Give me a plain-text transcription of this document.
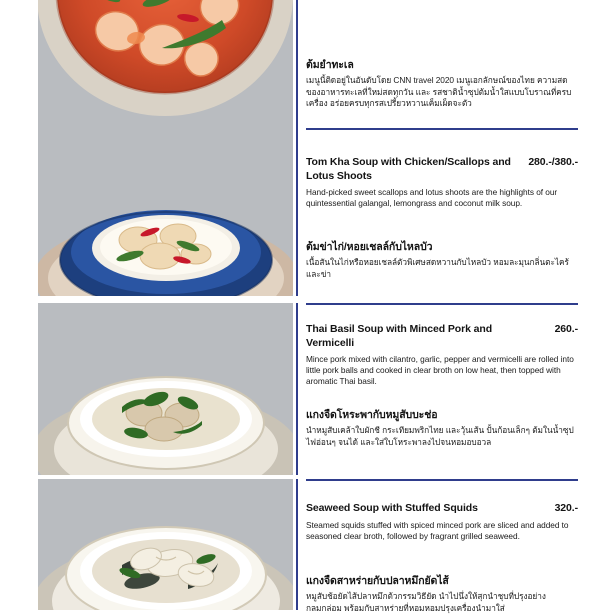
ต้มยำทะเล
เมนูนี้ติดอยู่ในอันดับโดย CNN travel 2020 เมนูเอกลักษณ์ของไทย ความสดของอาหารทะเลที่ใหม่สดทุกวัน และ รสชาติน้ำซุปต้มน้ำใสแบบโบราณที่ครบเครื่อง อร่อยครบทุกรสเปรี้ยวหวานเค็มเผ็ดจะตัว
Tom Kha Soup with Chicken/Scallops and Lotus Shoots
280.-/380.-
Hand-picked sweet scallops and lotus shoots are the highlights of our quintessential galangal, lemongrass and coconut milk soup.
ต้มข่าไก่/หอยเชลล์กับไหลบัว
เนื้อสันในไก่หรือหอยเชลล์ตัวพิเศษสดหวานกับไหลบัว หอมละมุนกลิ่นตะไคร้และข่า
Thai Basil Soup with Minced Pork and Vermicelli
260.-
Mince pork mixed with cilantro, garlic, pepper and vermicelli are rolled into little pork balls and cooked in clear broth on low heat, then topped with aromatic Thai basil.
แกงจืดโหระพากับหมูสับบะช่อ
นำหมูสับเคล้าใบผักชี กระเทียมพริกไทย และวุ้นเส้น ปั้นก้อนเล็กๆ ต้มในน้ำซุปไฟอ่อนๆ จนได้ และใส่ใบโหระพาลงไปจนหอมอบอวล
Seaweed Soup with Stuffed Squids	320.-
Steamed squids stuffed with spiced minced pork are sliced and added to seasoned clear broth, followed by fragrant grilled seaweed.
แกงจืดสาหร่ายกับปลาหมึกยัดไส้
หมูสับช้อยัดไส้ปลาหมึกต้วกรรมวิธียัด นำไปนึ่งให้สุกนำชุบที่ปรุงอย่างกลมกล่อม พร้อมกับสาหร่ายที่หอมหอมปรุงเครื่องนำมาใส่
